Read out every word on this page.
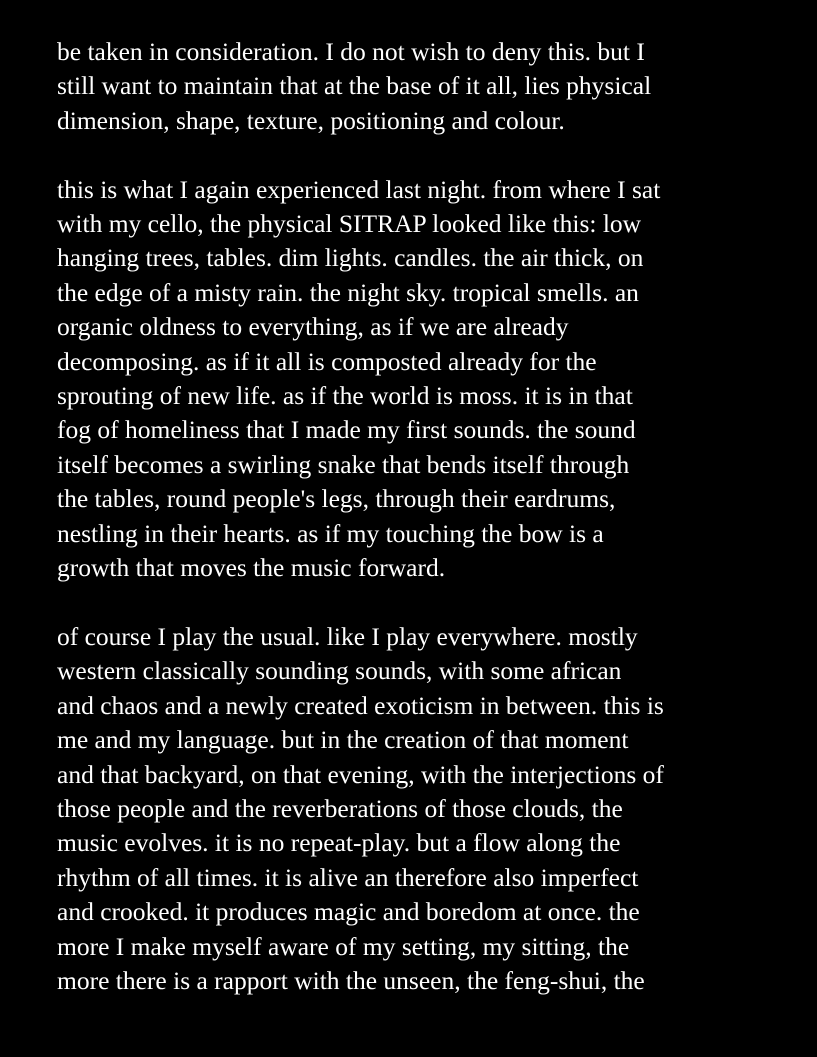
be taken in consideration. I do not wish to deny this. but I
still want to maintain that at the base of it all, lies physical
dimension, shape, texture, positioning and colour.

this is what I again experienced last night. from where I sat
with my cello, the physical SITRAP looked like this: low
hanging trees, tables. dim lights. candles. the air thick, on
the edge of a misty rain. the night sky. tropical smells. an
organic oldness to everything, as if we are already
decomposing. as if it all is composted already for the
sprouting of new life. as if the world is moss. it is in that
fog of homeliness that I made my first sounds. the sound
itself becomes a swirling snake that bends itself through
the tables, round people's legs, through their eardrums,
nestling in their hearts. as if my touching the bow is a
growth that moves the music forward.

of course I play the usual. like I play everywhere. mostly
western classically sounding sounds, with some african
and chaos and a newly created exoticism in between. this is
me and my language. but in the creation of that moment
and that backyard, on that evening, with the interjections of
those people and the reverberations of those clouds, the
music evolves. it is no repeat-play. but a flow along the
rhythm of all times. it is alive an therefore also imperfect
and crooked. it produces magic and boredom at once. the
more I make myself aware of my setting, my sitting, the
more there is a rapport with the unseen, the feng-shui, the
